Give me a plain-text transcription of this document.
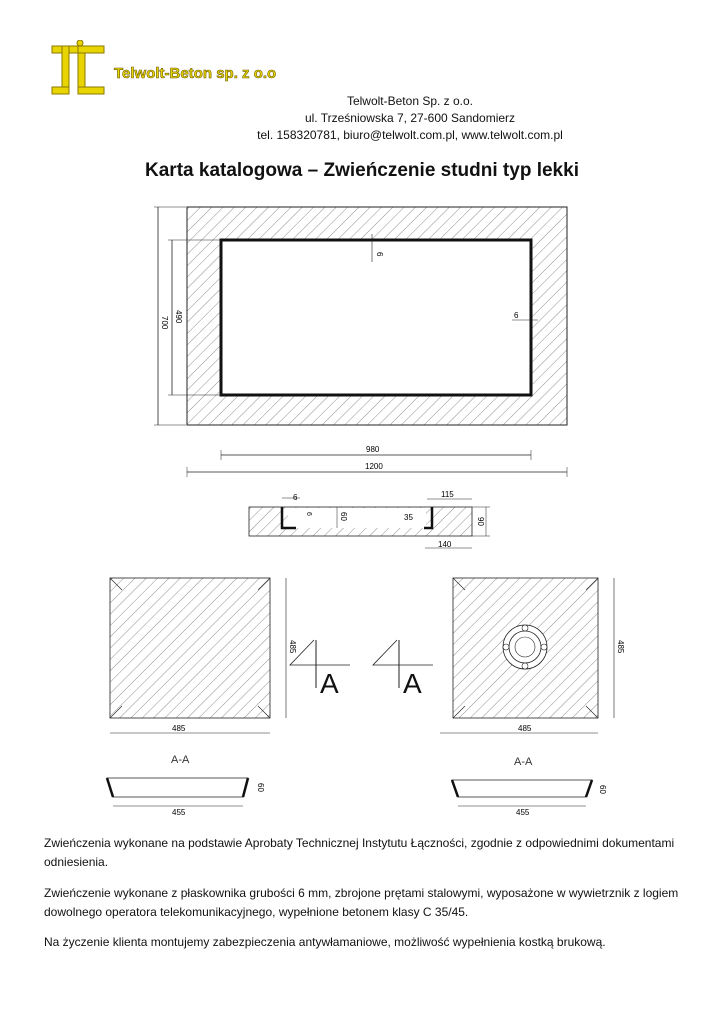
Telwolt-Beton sp. z o.o
Telwolt-Beton Sp. z o.o.
ul. Trześniowska 7, 27-600 Sandomierz
tel. 158320781, biuro@telwolt.com.pl, www.telwolt.com.pl
Karta katalogowa – Zwieńczenie studni typ lekki
700 490
6
6
980
1200
6
6	60
115
35	90
140
485
485
A-A
455
60
A A
485
485
A-A
455
60
Zwieńczenia wykonane na podstawie Aprobaty Technicznej Instytutu Łączności, zgodnie z odpowiednimi dokumentami odniesienia.
Zwieńczenie wykonane z płaskownika grubości 6 mm, zbrojone prętami stalowymi, wyposażone w wywietrznik z logiem dowolnego operatora telekomunikacyjnego, wypełnione betonem klasy C 35/45.
Na życzenie klienta montujemy zabezpieczenia antywłamaniowe, możliwość wypełnienia kostką brukową.
